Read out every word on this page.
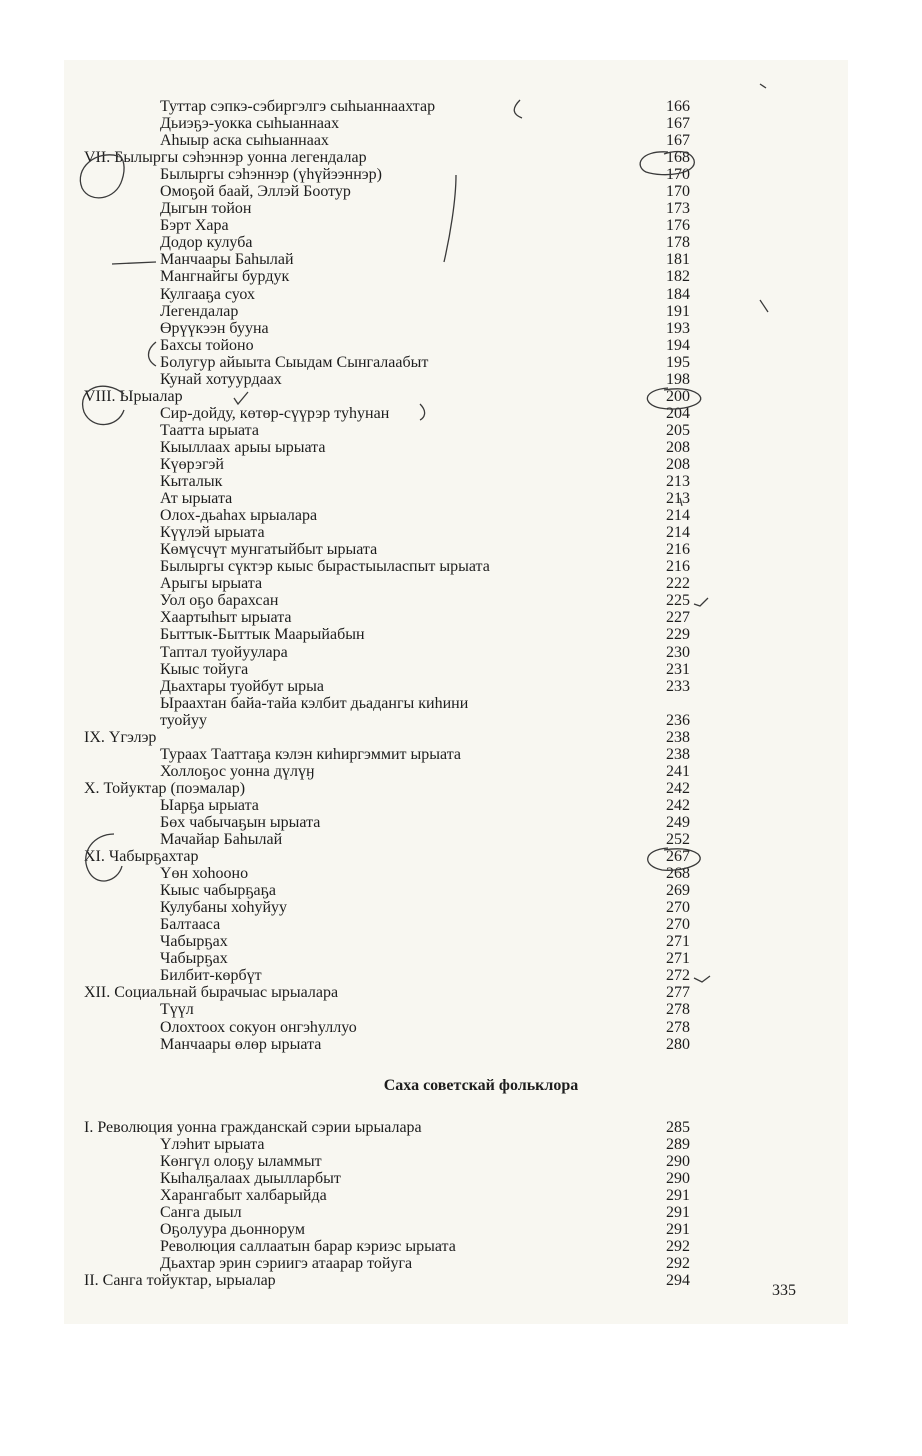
Туттар сэпкэ-сэбиргэлгэ сыһыаннаахтар	166
Дьиэҕэ-уокка сыһыаннаах	167
Аһыыр аска сыһыаннаах	167
VII. Былыргы сэһэннэр уонна легендалар	168
Былыргы сэһэннэр (үһүйээннэр)	170
Омоҕой баай, Эллэй Боотур	170
Дыгын тойон	173
Бэрт Хара	176
Додор кулуба	178
Манчаары Баһылай	181
Мангнайгы бурдук	182
Кулгааҕа суох	184
Легендалар	191
Өрүүкээн бууна	193
Бахсы тойоно	194
Болугур айыыта Сыыдам Сынгалаабыт	195
Кунай хотуурдаах	198
VIII. Ырыалар	200
Сир-дойду, көтөр-сүүрэр туһунан	204
Таатта ырыата	205
Кыыллаах арыы ырыата	208
Күөрэгэй	208
Кыталык	213
Ат ырыата	213
Олох-дьаһах ырыалара	214
Күүлэй ырыата	214
Көмүсчүт мунгатыйбыт ырыата	216
Былыргы сүктэр кыыс бырастыыласпыт ырыата	216
Арыгы ырыата	222
Уол оҕо барахсан	225
Хаартыһыт ырыата	227
Быттык-Быттык Маарыйабын	229
Таптал туойуулара	230
Кыыс тойуга	231
Дьахтары туойбут ырыа	233
Ыраахтан байа-тайа кэлбит дьадангы киһини
туойуу	236
IX. Үгэлэр	238
Тураах Тааттаҕа кэлэн киһиргэммит ырыата	238
Холлоҕос уонна дүлүӈ	241
X. Тойуктар (поэмалар)	242
Ыарҕа ырыата	242
Бөх чабычаҕын ырыата	249
Мачайар Баһылай	252
XI. Чабырҕахтар	267
Үөн хоһооно	268
Кыыс чабырҕаҕа	269
Кулубаны хоһуйуу	270
Балтааса	270
Чабырҕах	271
Чабырҕах	271
Билбит-көрбүт	272
XII. Социальнай бырачыас ырыалара	277
Түүл	278
Олохтоох сокуон онгэһуллуо	278
Манчаары өлөр ырыата	280
Саха советскай фольклора
I. Революция уонна гражданскай сэрии ырыалара	285
Үлэһит ырыата	289
Көнгүл олоҕу ыламмыт	290
Кыһалҕалаах дыылларбыт	290
Харангабыт халбарыйда	291
Санга дыыл	291
Оҕолуура дьоннорум	291
Революция саллаатын барар кэриэс ырыата	292
Дьахтар эрин сэриигэ атаарар тойуга	292
II. Санга тойуктар, ырыалар	294
335
